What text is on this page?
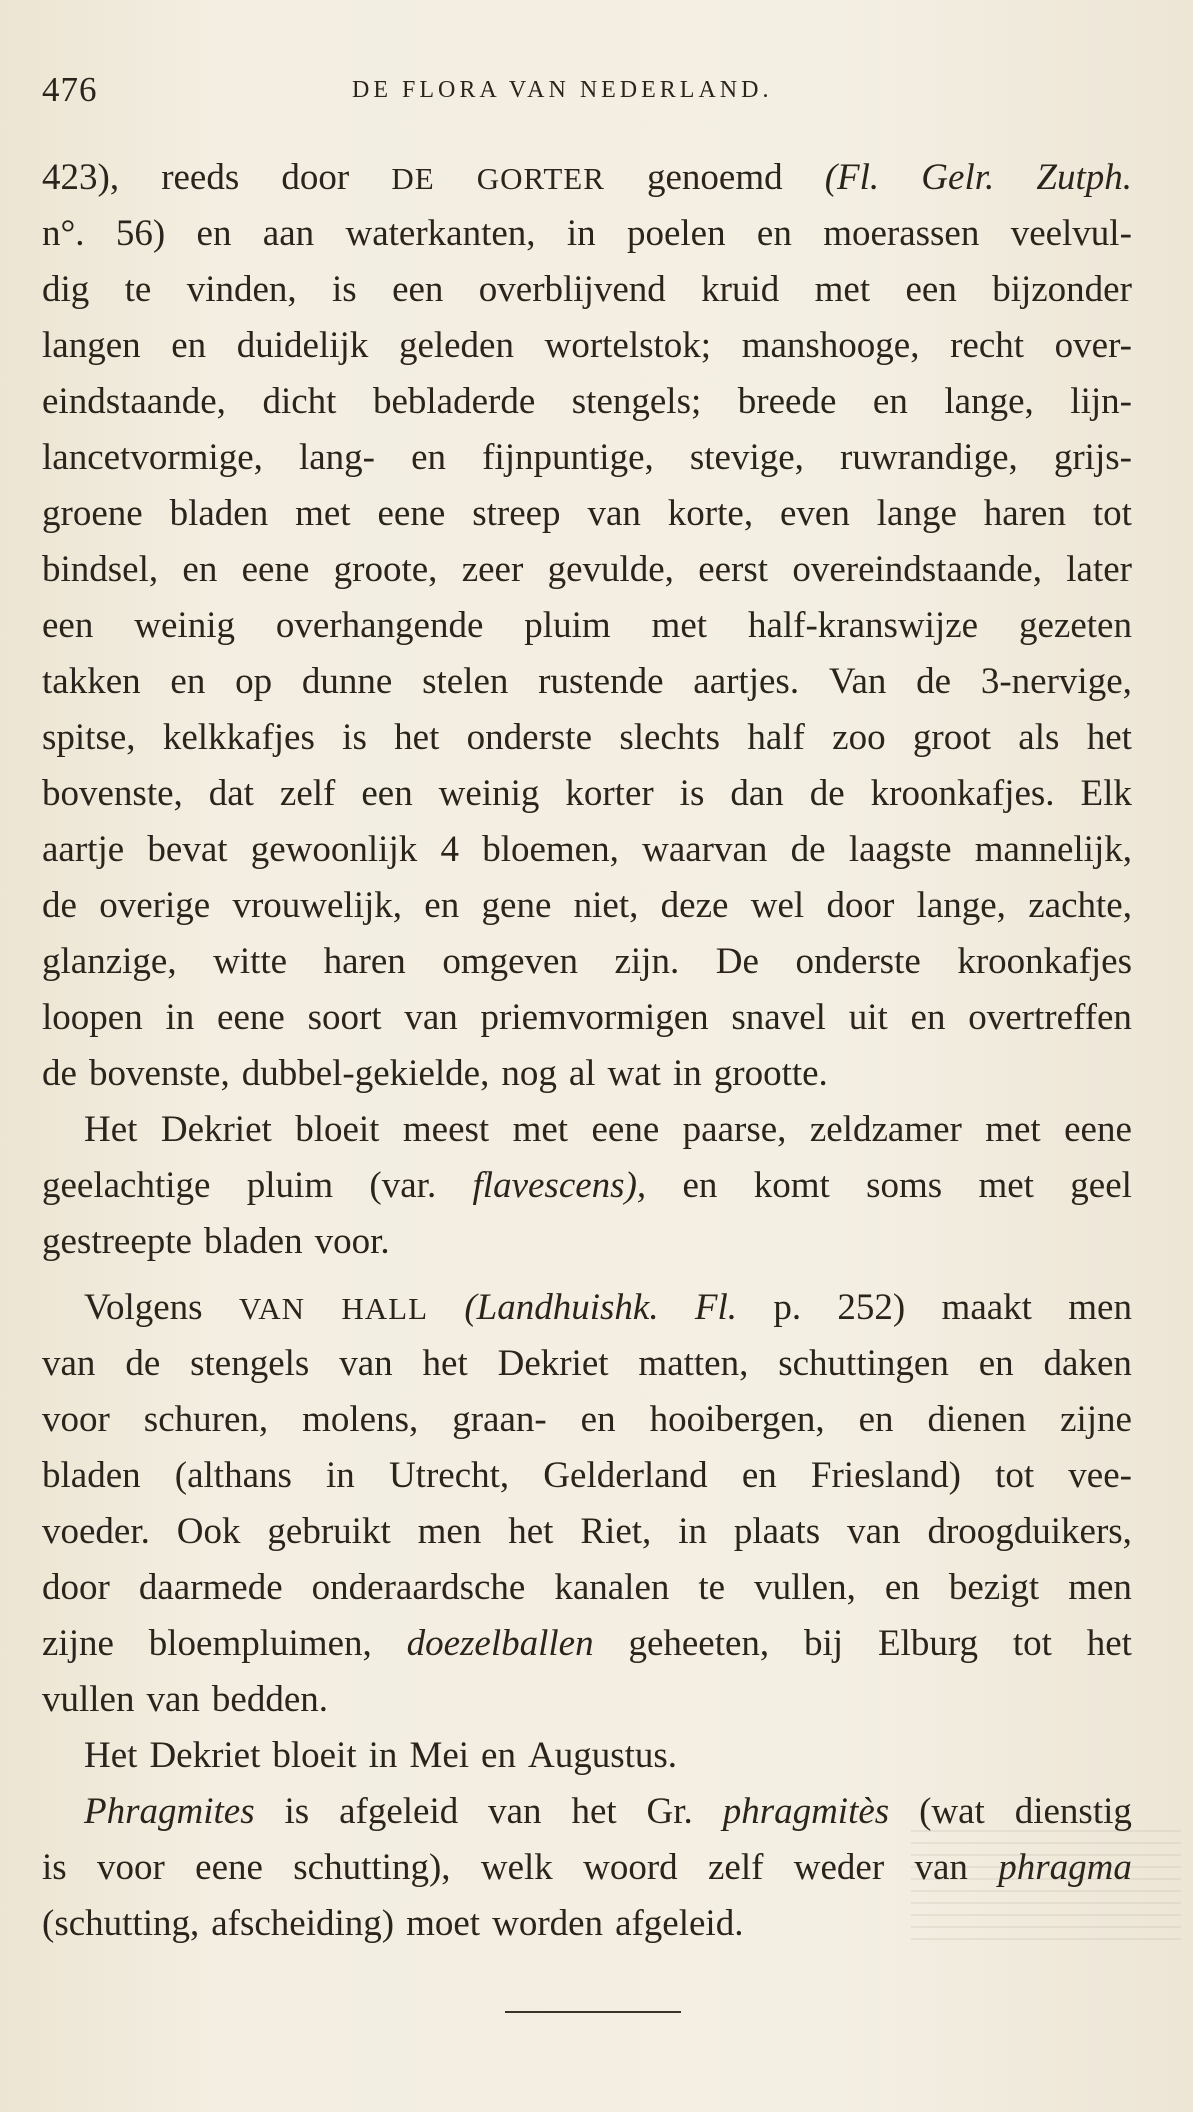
476	DE FLORA VAN NEDERLAND.
423), reeds door DE GORTER genoemd (Fl. Gelr. Zutph.
n°. 56) en aan waterkanten, in poelen en moerassen veelvul-
dig te vinden, is een overblijvend kruid met een bijzonder
langen en duidelijk geleden wortelstok; manshooge, recht over-
eindstaande, dicht bebladerde stengels; breede en lange, lijn-
lancetvormige, lang- en fijnpuntige, stevige, ruwrandige, grijs-
groene bladen met eene streep van korte, even lange haren tot
bindsel, en eene groote, zeer gevulde, eerst overeindstaande, later
een weinig overhangende pluim met half-kranswijze gezeten
takken en op dunne stelen rustende aartjes. Van de 3-nervige,
spitse, kelkkafjes is het onderste slechts half zoo groot als het
bovenste, dat zelf een weinig korter is dan de kroonkafjes. Elk
aartje bevat gewoonlijk 4 bloemen, waarvan de laagste mannelijk,
de overige vrouwelijk, en gene niet, deze wel door lange, zachte,
glanzige, witte haren omgeven zijn. De onderste kroonkafjes
loopen in eene soort van priemvormigen snavel uit en overtreffen
de bovenste, dubbel-gekielde, nog al wat in grootte.
Het Dekriet bloeit meest met eene paarse, zeldzamer met eene
geelachtige pluim (var. flavescens), en komt soms met geel
gestreepte bladen voor.
Volgens VAN HALL (Landhuishk. Fl. p. 252) maakt men
van de stengels van het Dekriet matten, schuttingen en daken
voor schuren, molens, graan- en hooibergen, en dienen zijne
bladen (althans in Utrecht, Gelderland en Friesland) tot vee-
voeder. Ook gebruikt men het Riet, in plaats van droogduikers,
door daarmede onderaardsche kanalen te vullen, en bezigt men
zijne bloempluimen, doezelballen geheeten, bij Elburg tot het
vullen van bedden.
Het Dekriet bloeit in Mei en Augustus.
Phragmites is afgeleid van het Gr. phragmitès (wat dienstig
is voor eene schutting), welk woord zelf weder van phragma
(schutting, afscheiding) moet worden afgeleid.
